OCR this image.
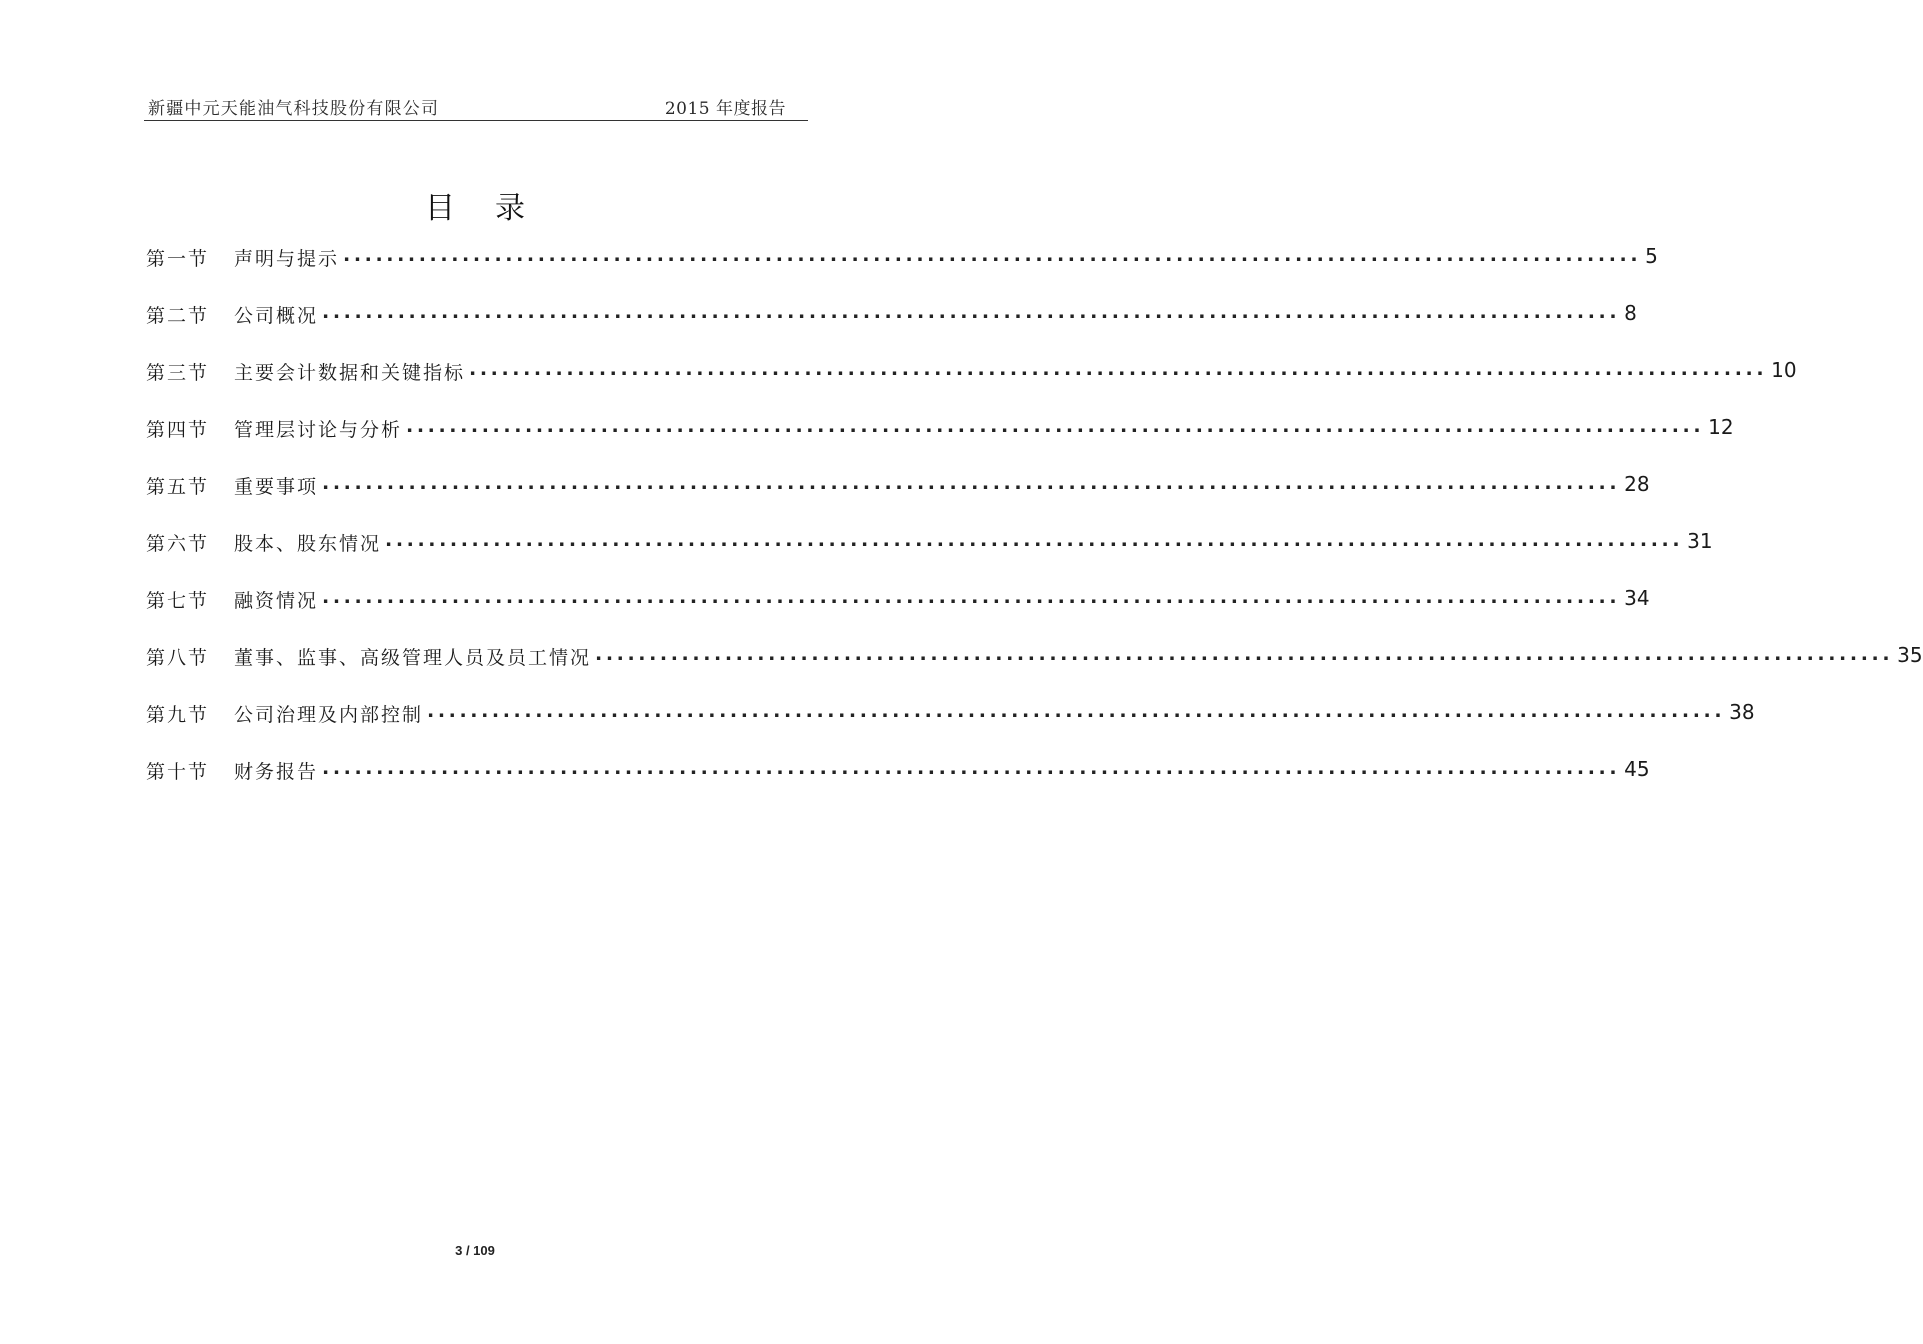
新疆中元天能油气科技股份有限公司	2015 年度报告
目录
第一节	声明与提示 ........................................................................................................................ 5
第二节	公司概况 ........................................................................................................................ 8
第三节	主要会计数据和关键指标 ........................................................................................................................ 10
第四节	管理层讨论与分析 ........................................................................................................................ 12
第五节	重要事项 ........................................................................................................................ 28
第六节	股本、股东情况 ........................................................................................................................ 31
第七节	融资情况 ........................................................................................................................ 34
第八节	董事、监事、高级管理人员及员工情况 ........................................................................................................................ 35
第九节	公司治理及内部控制 ........................................................................................................................ 38
第十节	财务报告 ........................................................................................................................ 45
3 / 109
